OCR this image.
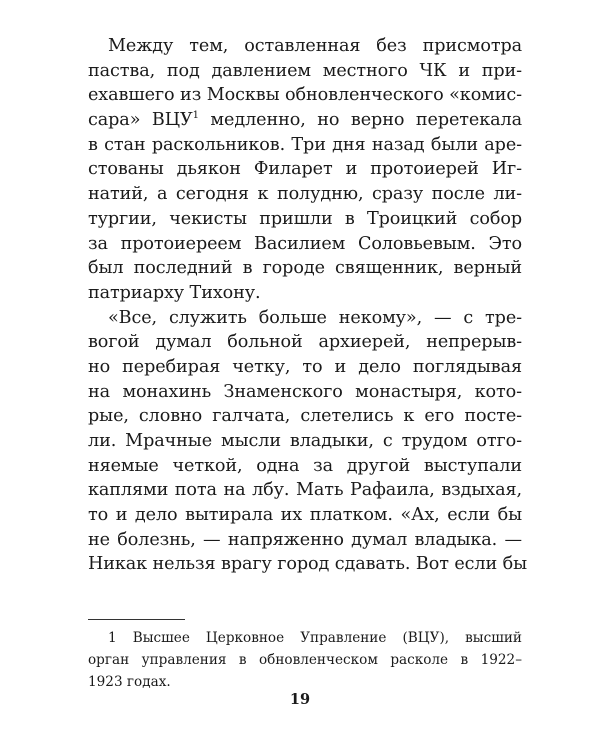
Между тем, оставленная без присмотра
паства, под давлением местного ЧК и при-
ехавшего из Москвы обновленческого «комис-
сара» ВЦУ$^1$ медленно, но верно перетекала
в стан раскольников. Три дня назад были аре-
стованы дьякон Филарет и протоиерей Иг-
натий, а сегодня к полудню, сразу после ли-
тургии, чекисты пришли в Троицкий собор
за протоиереем Василием Соловьевым. Это
был последний в городе священник, верный
патриарху Тихону.
«Все, служить больше некому», — с тре-
вогой думал больной архиерей, непрерыв-
но перебирая четку, то и дело поглядывая
на монахинь Знаменского монастыря, кото-
рые, словно галчата, слетелись к его посте-
ли. Мрачные мысли владыки, с трудом отго-
няемые четкой, одна за другой выступали
каплями пота на лбу. Мать Рафаила, вздыхая,
то и дело вытирала их платком. «Ах, если бы
не болезнь, — напряженно думал владыка. —
Никак нельзя врагу город сдавать. Вот если бы
1 Высшее Церковное Управление (ВЦУ), высший
орган управления в обновленческом расколе в 1922–
1923 годах.
19
